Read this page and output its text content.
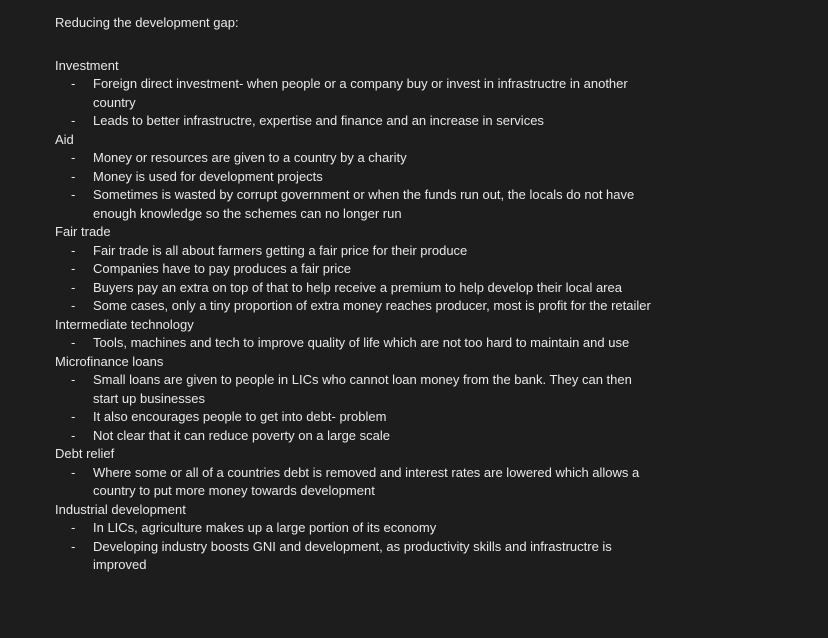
Reducing the development gap:

Investment

- Foreign direct investment- when people or a company buy or invest in infrastructre in another country
- Leads to better infrastructre, expertise and finance and an increase in services

Aid

- Money or resources are given to a country by a charity
- Money is used for development projects
- Sometimes is wasted by corrupt government or when the funds run out, the locals do not have enough knowledge so the schemes can no longer run

Fair trade

- Fair trade is all about farmers getting a fair price for their produce
- Companies have to pay produces a fair price
- Buyers pay an extra on top of that to help receive a premium to help develop their local area
- Some cases, only a tiny proportion of extra money reaches producer, most is profit for the retailer

Intermediate technology

- Tools, machines and tech to improve quality of life which are not too hard to maintain and use

Microfinance loans

- Small loans are given to people in LICs who cannot loan money from the bank. They can then start up businesses
- It also encourages people to get into debt- problem
- Not clear that it can reduce poverty on a large scale

Debt relief

- Where some or all of a countries debt is removed and interest rates are lowered which allows a country to put more money towards development

Industrial development

- In LICs, agriculture makes up a large portion of its economy
- Developing industry boosts GNI and development, as productivity skills and infrastructre is improved
